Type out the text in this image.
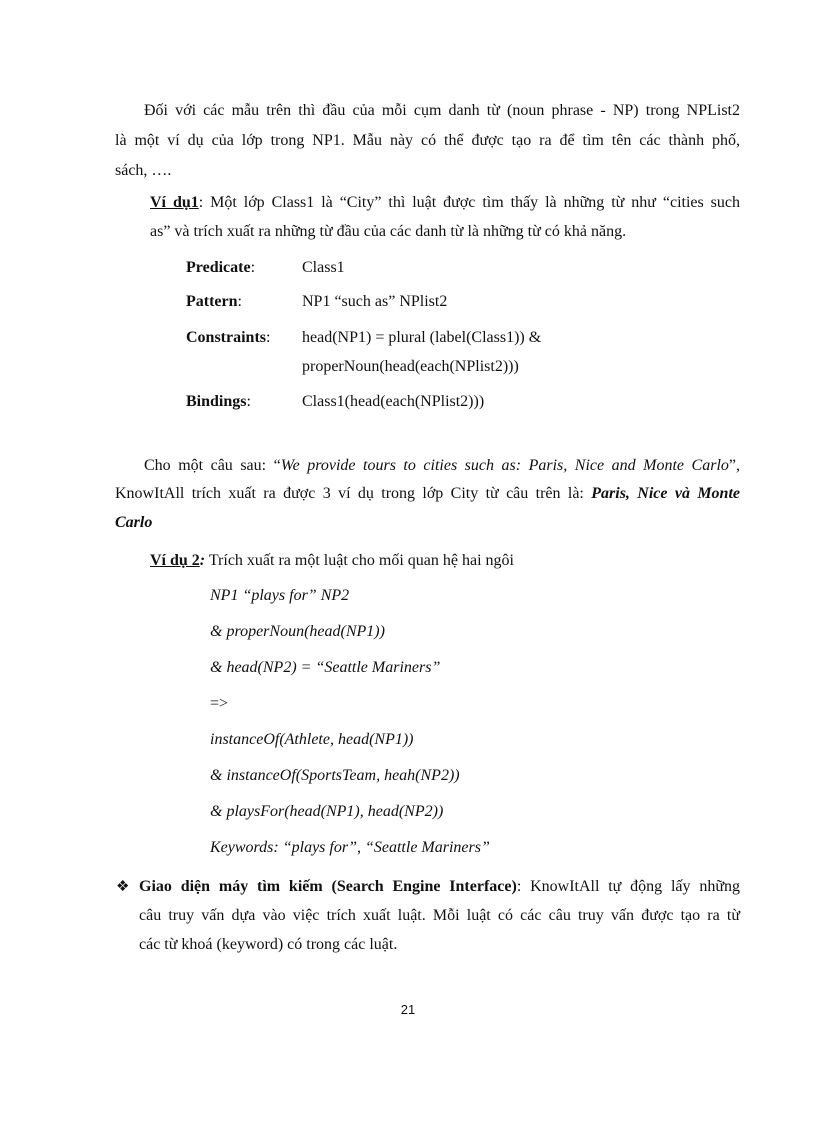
Đối với các mẫu trên thì đầu của mỗi cụm danh từ (noun phrase - NP) trong NPList2
là một ví dụ của lớp trong NP1. Mẫu này có thể được tạo ra để tìm tên các thành phố,
sách, ….
Ví dụ1: Một lớp Class1 là “City” thì luật được tìm thấy là những từ như “cities such
as” và trích xuất ra những từ đầu của các danh từ là những từ có khả năng.
Predicate:	Class1
Pattern:	NP1 “such as” NPlist2
Constraints: head(NP1) = plural (label(Class1)) &
properNoun(head(each(NPlist2)))
Bindings:	Class1(head(each(NPlist2)))
Cho một câu sau: “We provide tours to cities such as: Paris, Nice and Monte Carlo”,
KnowItAll trích xuất ra được 3 ví dụ trong lớp City từ câu trên là: Paris, Nice và Monte
Carlo
Ví dụ 2: Trích xuất ra một luật cho mối quan hệ hai ngôi
NP1 “plays for” NP2
& properNoun(head(NP1))
& head(NP2) = “Seattle Mariners”
=>
instanceOf(Athlete, head(NP1))
& instanceOf(SportsTeam, heah(NP2))
& playsFor(head(NP1), head(NP2))
Keywords: “plays for”, “Seattle Mariners”
❖ Giao diện máy tìm kiếm (Search Engine Interface): KnowItAll tự động lấy những
câu truy vấn dựa vào việc trích xuất luật. Mỗi luật có các câu truy vấn được tạo ra từ
các từ khoá (keyword) có trong các luật.
21
